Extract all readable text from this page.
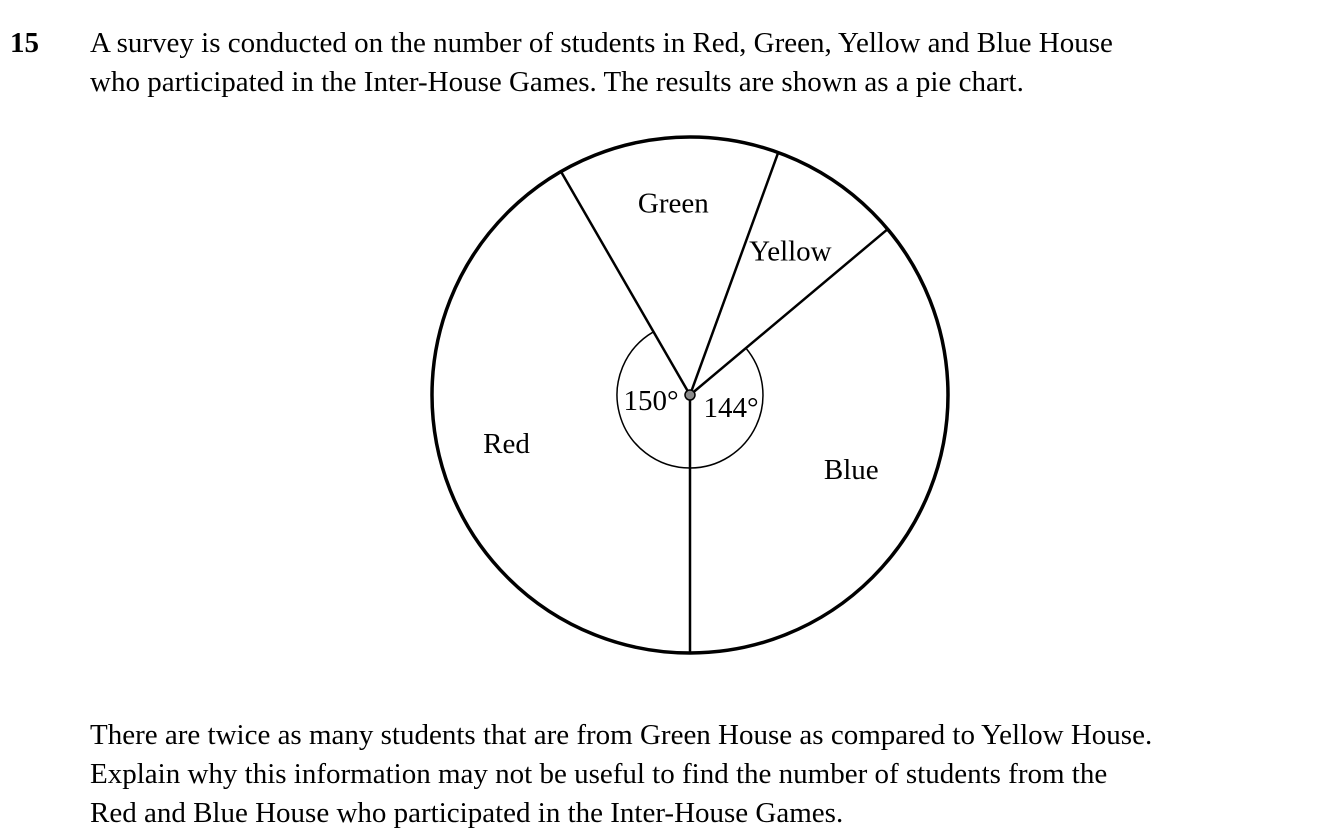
15 A survey is conducted on the number of students in Red, Green, Yellow and Blue House
who participated in the Inter-House Games. The results are shown as a pie chart.
Red
Green
Yellow
Blue
150° 144°
There are twice as many students that are from Green House as compared to Yellow House.
Explain why this information may not be useful to find the number of students from the
Red and Blue House who participated in the Inter-House Games.
